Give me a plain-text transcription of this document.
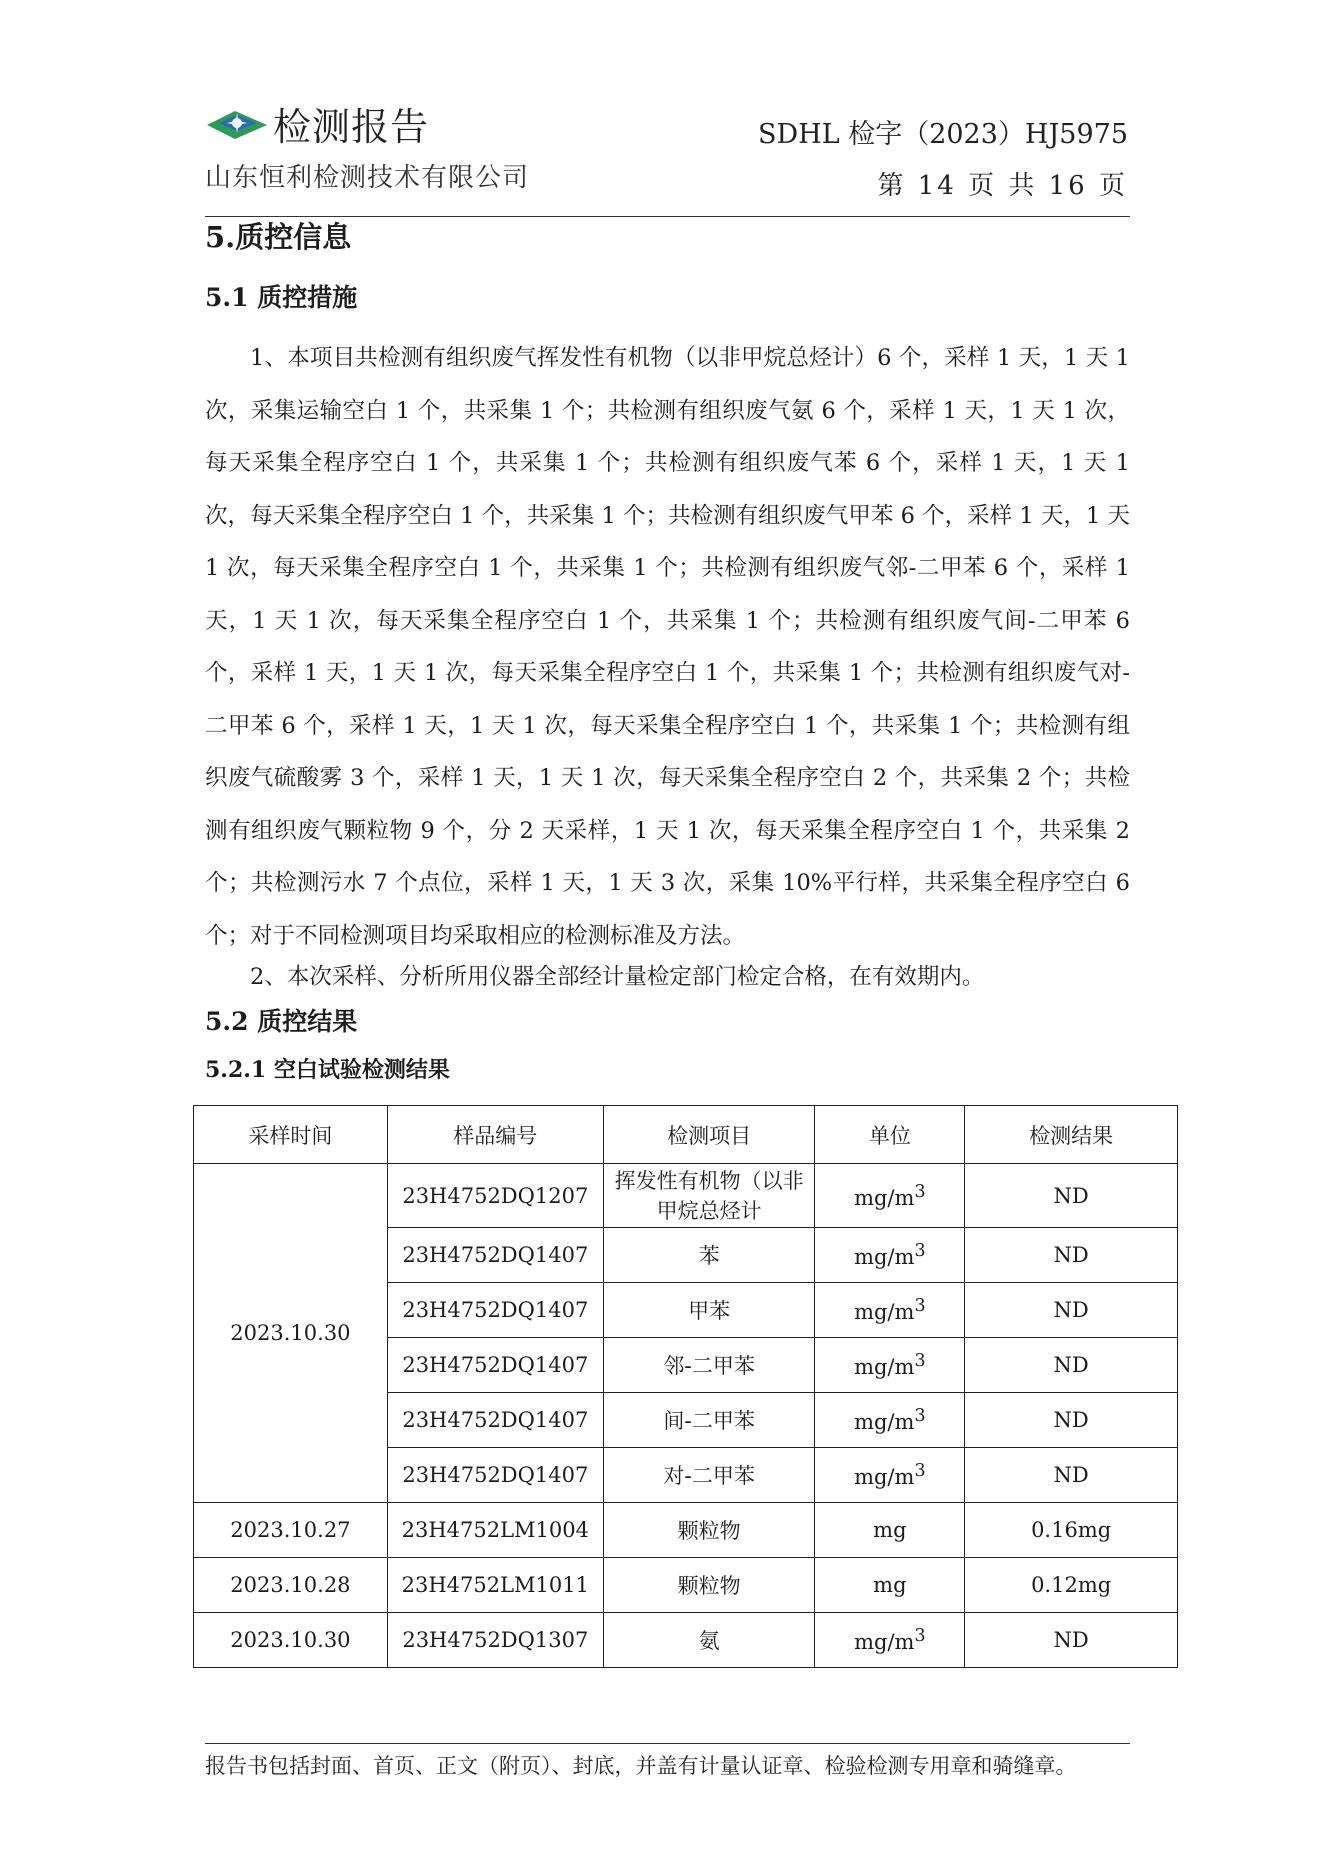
检测报告
山东恒利检测技术有限公司
SDHL 检字（2023）HJ5975
第 14 页 共 16 页
5.质控信息
5.1 质控措施
1、本项目共检测有组织废气挥发性有机物（以非甲烷总烃计）6 个，采样 1 天，1 天 1 次，采集运输空白 1 个，共采集 1 个；共检测有组织废气氨 6 个，采样 1 天，1 天 1 次，每天采集全程序空白 1 个，共采集 1 个；共检测有组织废气苯 6 个，采样 1 天，1 天 1 次，每天采集全程序空白 1 个，共采集 1 个；共检测有组织废气甲苯 6 个，采样 1 天，1 天 1 次，每天采集全程序空白 1 个，共采集 1 个；共检测有组织废气邻-二甲苯 6 个，采样 1 天，1 天 1 次，每天采集全程序空白 1 个，共采集 1 个；共检测有组织废气间-二甲苯 6 个，采样 1 天，1 天 1 次，每天采集全程序空白 1 个，共采集 1 个；共检测有组织废气对-二甲苯 6 个，采样 1 天，1 天 1 次，每天采集全程序空白 1 个，共采集 1 个；共检测有组织废气硫酸雾 3 个，采样 1 天，1 天 1 次，每天采集全程序空白 2 个，共采集 2 个；共检测有组织废气颗粒物 9 个，分 2 天采样，1 天 1 次，每天采集全程序空白 1 个，共采集 2 个；共检测污水 7 个点位，采样 1 天，1 天 3 次，采集 10%平行样，共采集全程序空白 6 个；对于不同检测项目均采取相应的检测标准及方法。
2、本次采样、分析所用仪器全部经计量检定部门检定合格，在有效期内。
5.2 质控结果
5.2.1 空白试验检测结果
采样时间	样品编号	检测项目	单位	检测结果
2023.10.30	23H4752DQ1207	挥发性有机物（以非甲烷总烃计	$mg/m^3$	ND
	23H4752DQ1407	苯	$mg/m^3$	ND
	23H4752DQ1407	甲苯	$mg/m^3$	ND
	23H4752DQ1407	邻-二甲苯	$mg/m^3$	ND
	23H4752DQ1407	间-二甲苯	$mg/m^3$	ND
	23H4752DQ1407	对-二甲苯	$mg/m^3$	ND
2023.10.27	23H4752LM1004	颗粒物	mg	0.16mg
2023.10.28	23H4752LM1011	颗粒物	mg	0.12mg
2023.10.30	23H4752DQ1307	氨	$mg/m^3$	ND
报告书包括封面、首页、正文（附页）、封底，并盖有计量认证章、检验检测专用章和骑缝章。
